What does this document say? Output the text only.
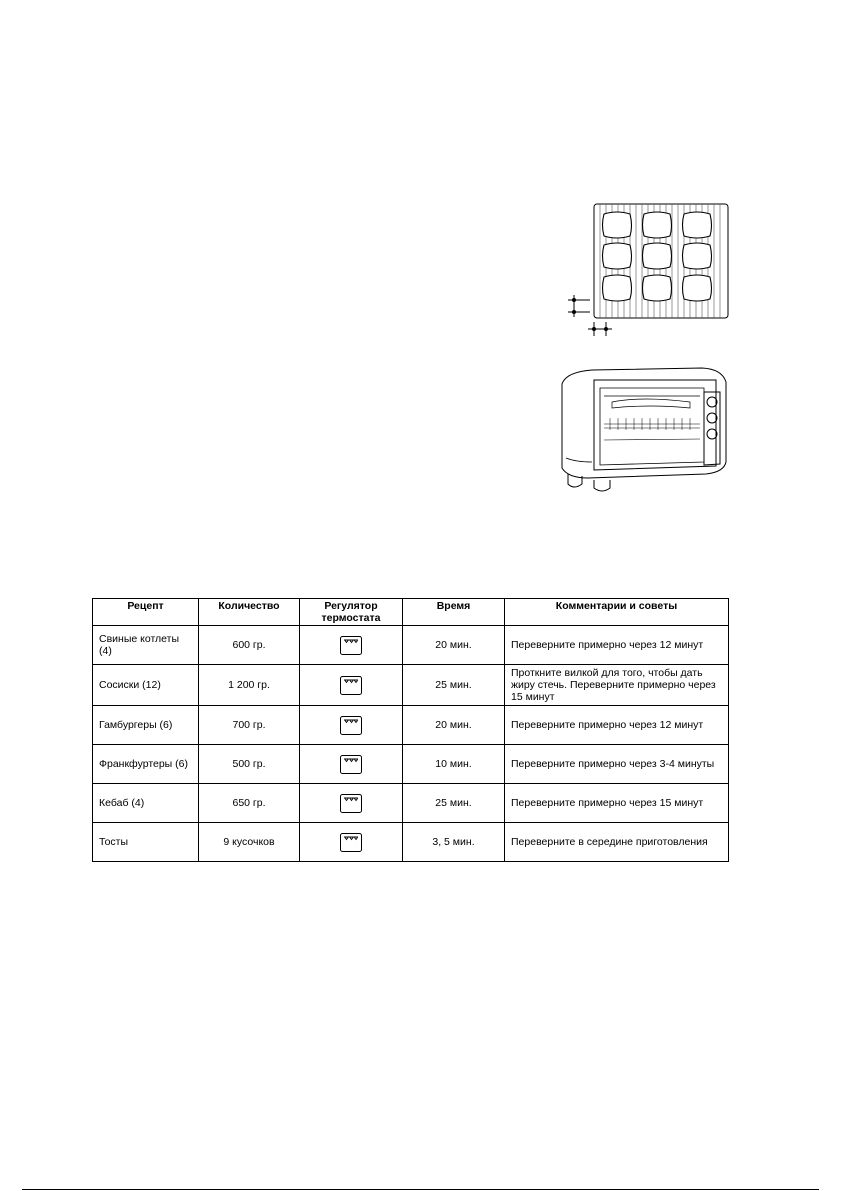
Рецепт	Количество	Регулятор термостата	Время	Комментарии и советы
Свиные котлеты (4)	600 гр.		20 мин.	Переверните примерно через 12 минут
Сосиски (12)	1 200 гр.		25 мин.	Проткните вилкой для того, чтобы дать жиру стечь. Переверните примерно через 15 минут
Гамбургеры (6)	700 гр.		20 мин.	Переверните примерно через 12 минут
Франкфуртеры (6)	500 гр.		10 мин.	Переверните примерно через 3-4 минуты
Кебаб (4)	650 гр.		25 мин.	Переверните примерно через 15 минут
Тосты	9 кусочков		3, 5 мин.	Переверните в середине приготовления
